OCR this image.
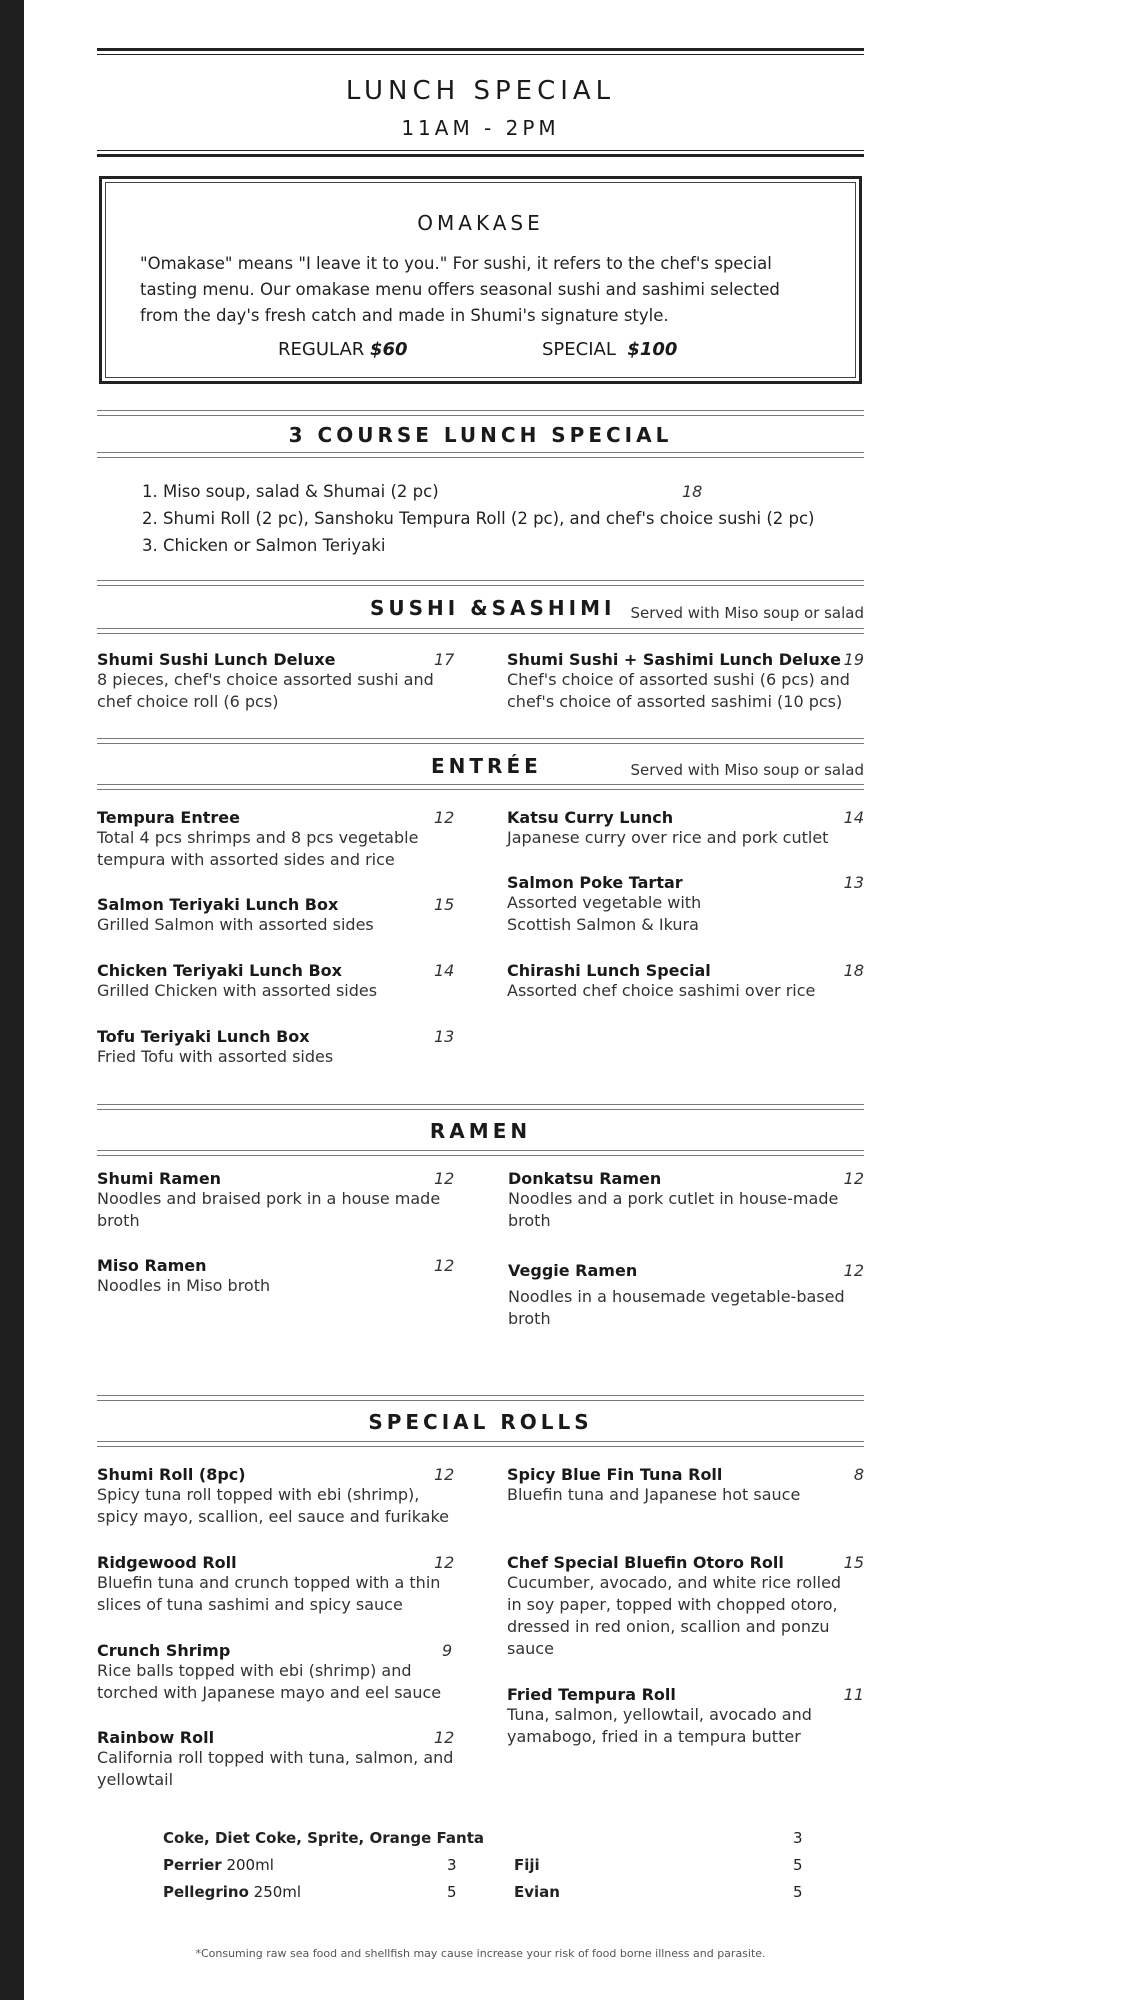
LUNCH SPECIAL
11AM - 2PM
OMAKASE
"Omakase" means "I leave it to you." For sushi, it refers to the chef's special
tasting menu. Our omakase menu offers seasonal sushi and sashimi selected
from the day's fresh catch and made in Shumi's signature style.
REGULAR $60	SPECIAL $100
3 COURSE LUNCH SPECIAL
1. Miso soup, salad & Shumai (2 pc)
2. Shumi Roll (2 pc), Sanshoku Tempura Roll (2 pc), and chef's choice sushi (2 pc)
3. Chicken or Salmon Teriyaki
18
SUSHI &SASHIMI Served with Miso soup or salad
Shumi Sushi Lunch Deluxe
8 pieces, chef's choice assorted sushi and
chef choice roll (6 pcs)
17	Shumi Sushi + Sashimi Lunch Deluxe
Chef's choice of assorted sushi (6 pcs) and
chef's choice of assorted sashimi (10 pcs)
19
ENTRÉE	Served with Miso soup or salad
Tempura Entree
Total 4 pcs shrimps and 8 pcs vegetable
tempura with assorted sides and rice
12
Salmon Teriyaki Lunch Box
Grilled Salmon with assorted sides
15
Chicken Teriyaki Lunch Box
Grilled Chicken with assorted sides
14
Tofu Teriyaki Lunch Box
Fried Tofu with assorted sides
13
Katsu Curry Lunch
Japanese curry over rice and pork cutlet
14
Salmon Poke Tartar
Assorted vegetable with
Scottish Salmon & Ikura
13
Chirashi Lunch Special
Assorted chef choice sashimi over rice
18
RAMEN
Shumi Ramen
Noodles and braised pork in a house made
broth
12
Miso Ramen
Noodles in Miso broth
12
Donkatsu Ramen
Noodles and a pork cutlet in house-made
broth
12
Veggie Ramen
Noodles in a housemade vegetable-based
broth
12
SPECIAL ROLLS
Shumi Roll (8pc)
Spicy tuna roll topped with ebi (shrimp),
spicy mayo, scallion, eel sauce and furikake
12
Ridgewood Roll
Bluefin tuna and crunch topped with a thin
slices of tuna sashimi and spicy sauce
12
Crunch Shrimp
Rice balls topped with ebi (shrimp) and
torched with Japanese mayo and eel sauce
9
Rainbow Roll
California roll topped with tuna, salmon, and
yellowtail
12
Spicy Blue Fin Tuna Roll
Bluefin tuna and Japanese hot sauce
8
Chef Special Bluefin Otoro Roll
Cucumber, avocado, and white rice rolled
in soy paper, topped with chopped otoro,
dressed in red onion, scallion and ponzu
sauce
15
Fried Tempura Roll
Tuna, salmon, yellowtail, avocado and
yamabogo, fried in a tempura butter
11
Coke, Diet Coke, Sprite, Orange Fanta	3
Perrier 200ml	3
Pellegrino 250ml	5
Fiji	5
Evian	5
*Consuming raw sea food and shellfish may cause increase your risk of food borne illness and parasite.
